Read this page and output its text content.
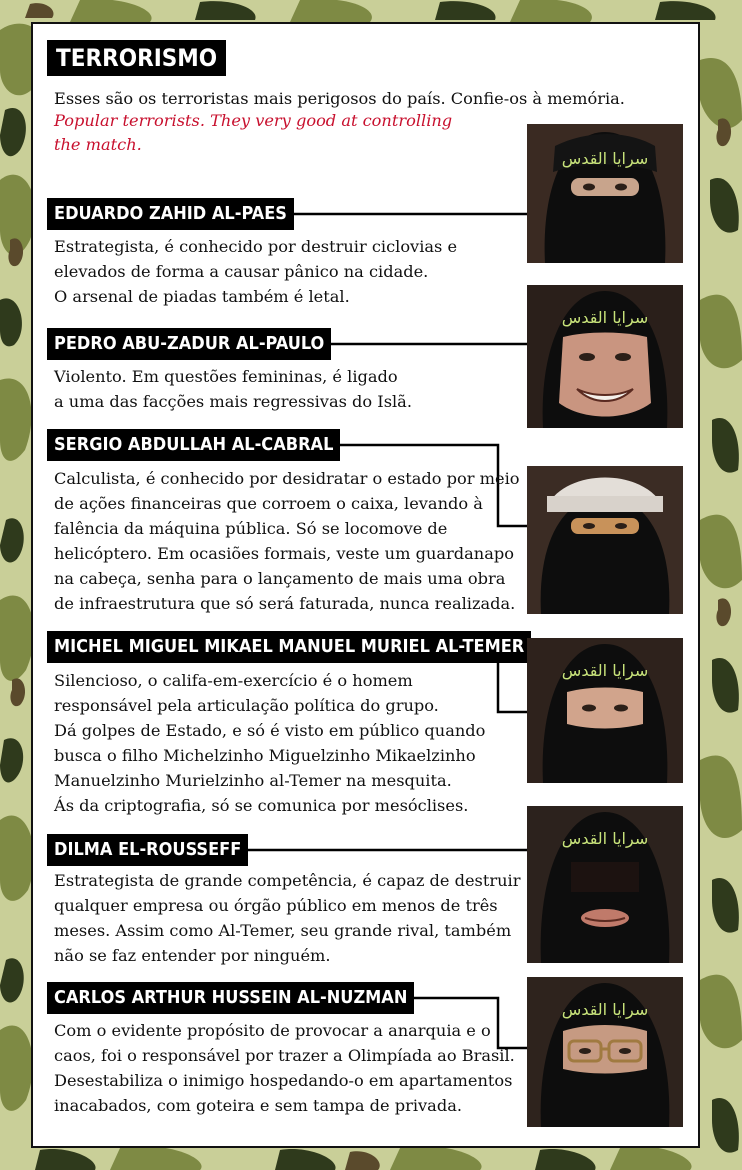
TERRORISMO
Esses são os terroristas mais perigosos do país. Confie-os à memória.
Popular terrorists. They very good at controlling
the match.
EDUARDO ZAHID AL-PAES
Estrategista, é conhecido por destruir ciclovias e
elevados de forma a causar pânico na cidade.
O arsenal de piadas também é letal.
سرايا القدس
PEDRO ABU-ZADUR AL-PAULO
Violento. Em questões femininas, é ligado
a uma das facções mais regressivas do Islã.
سرايا القدس
SERGIO ABDULLAH AL-CABRAL
Calculista, é conhecido por desidratar o estado por meio
de ações financeiras que corroem o caixa, levando à
falência da máquina pública. Só se locomove de
helicóptero. Em ocasiões formais, veste um guardanapo
na cabeça, senha para o lançamento de mais uma obra
de infraestrutura que só será faturada, nunca realizada.
MICHEL MIGUEL MIKAEL MANUEL MURIEL AL-TEMER
Silencioso, o califa-em-exercício é o homem
responsável pela articulação política do grupo.
Dá golpes de Estado, e só é visto em público quando
busca o filho Michelzinho Miguelzinho Mikaelzinho
Manuelzinho Murielzinho al-Temer na mesquita.
Ás da criptografia, só se comunica por mesóclises.
سرايا القدس
DILMA EL-ROUSSEFF
Estrategista de grande competência, é capaz de destruir
qualquer empresa ou órgão público em menos de três
meses. Assim como Al-Temer, seu grande rival, também
não se faz entender por ninguém.
سرايا القدس
CARLOS ARTHUR HUSSEIN AL-NUZMAN
Com o evidente propósito de provocar a anarquia e o
caos, foi o responsável por trazer a Olimpíada ao Brasil.
Desestabiliza o inimigo hospedando-o em apartamentos
inacabados, com goteira e sem tampa de privada.
سرايا القدس
